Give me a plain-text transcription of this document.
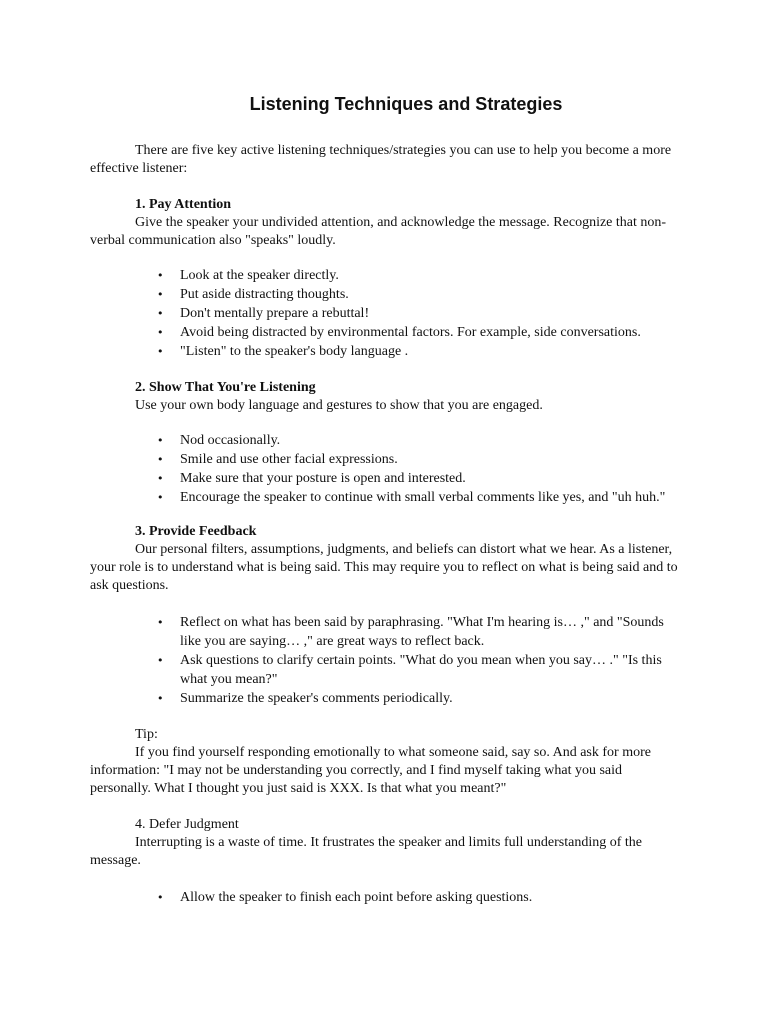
Listening Techniques and Strategies

There are five key active listening techniques/strategies you can use to help you become a more effective listener:

1. Pay Attention

Give the speaker your undivided attention, and acknowledge the message. Recognize that non-verbal communication also "speaks" loudly.

• Look at the speaker directly.
• Put aside distracting thoughts.
• Don't mentally prepare a rebuttal!
• Avoid being distracted by environmental factors. For example, side conversations.
• "Listen" to the speaker's body language .
2. Show That You're Listening

Use your own body language and gestures to show that you are engaged.

• Nod occasionally.
• Smile and use other facial expressions.
• Make sure that your posture is open and interested.
• Encourage the speaker to continue with small verbal comments like yes, and "uh huh."
3. Provide Feedback

Our personal filters, assumptions, judgments, and beliefs can distort what we hear. As a listener, your role is to understand what is being said. This may require you to reflect on what is being said and to ask questions.

• Reflect on what has been said by paraphrasing. "What I'm hearing is… ," and "Sounds like you are saying… ," are great ways to reflect back.
• Ask questions to clarify certain points. "What do you mean when you say… ." "Is this what you mean?"
• Summarize the speaker's comments periodically.
Tip:

If you find yourself responding emotionally to what someone said, say so. And ask for more information: "I may not be understanding you correctly, and I find myself taking what you said personally. What I thought you just said is XXX. Is that what you meant?"

4. Defer Judgment

Interrupting is a waste of time. It frustrates the speaker and limits full understanding of the message.

• Allow the speaker to finish each point before asking questions.
